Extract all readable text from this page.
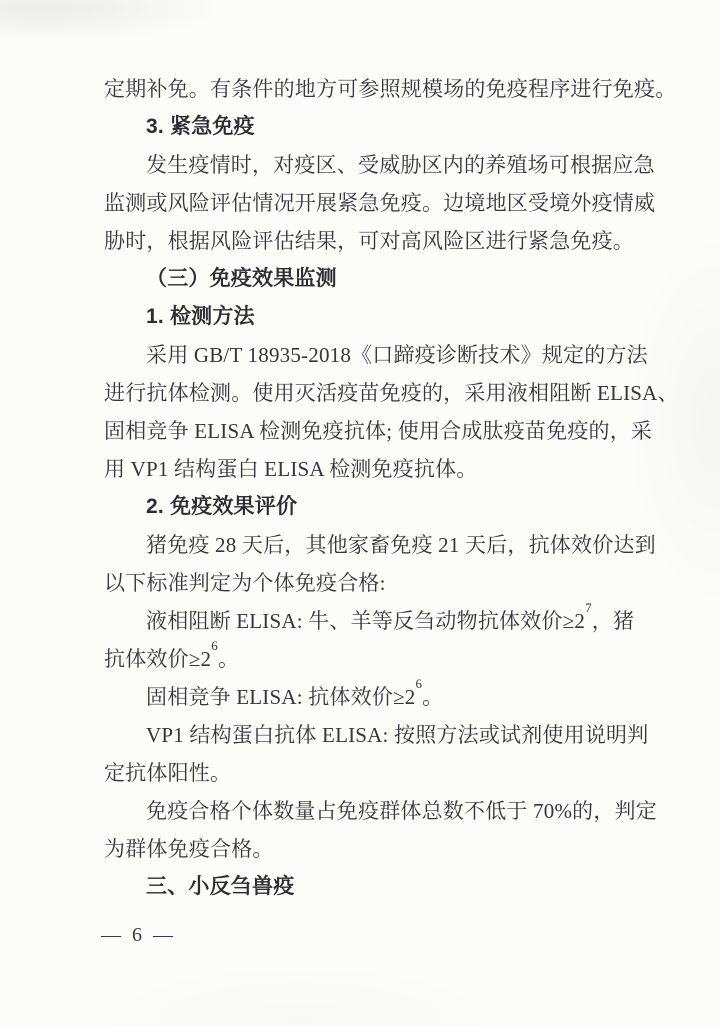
定期补免。有条件的地方可参照规模场的免疫程序进行免疫。

3. 紧急免疫

发生疫情时，对疫区、受威胁区内的养殖场可根据应急

监测或风险评估情况开展紧急免疫。边境地区受境外疫情威

胁时，根据风险评估结果，可对高风险区进行紧急免疫。

（三）免疫效果监测

1. 检测方法

采用 GB/T 18935-2018《口蹄疫诊断技术》规定的方法

进行抗体检测。使用灭活疫苗免疫的，采用液相阻断 ELISA、

固相竞争 ELISA 检测免疫抗体; 使用合成肽疫苗免疫的，采

用 VP1 结构蛋白 ELISA 检测免疫抗体。

2. 免疫效果评价

猪免疫 28 天后，其他家畜免疫 21 天后，抗体效价达到

以下标准判定为个体免疫合格:

液相阻断 ELISA: 牛、羊等反刍动物抗体效价$\ge 2^7$，猪

抗体效价$\ge 2^6$。

固相竞争 ELISA: 抗体效价$\ge 2^6$。

VP1 结构蛋白抗体 ELISA: 按照方法或试剂使用说明判

定抗体阳性。

免疫合格个体数量占免疫群体总数不低于 70%的，判定

为群体免疫合格。

三、小反刍兽疫

— 6 —
